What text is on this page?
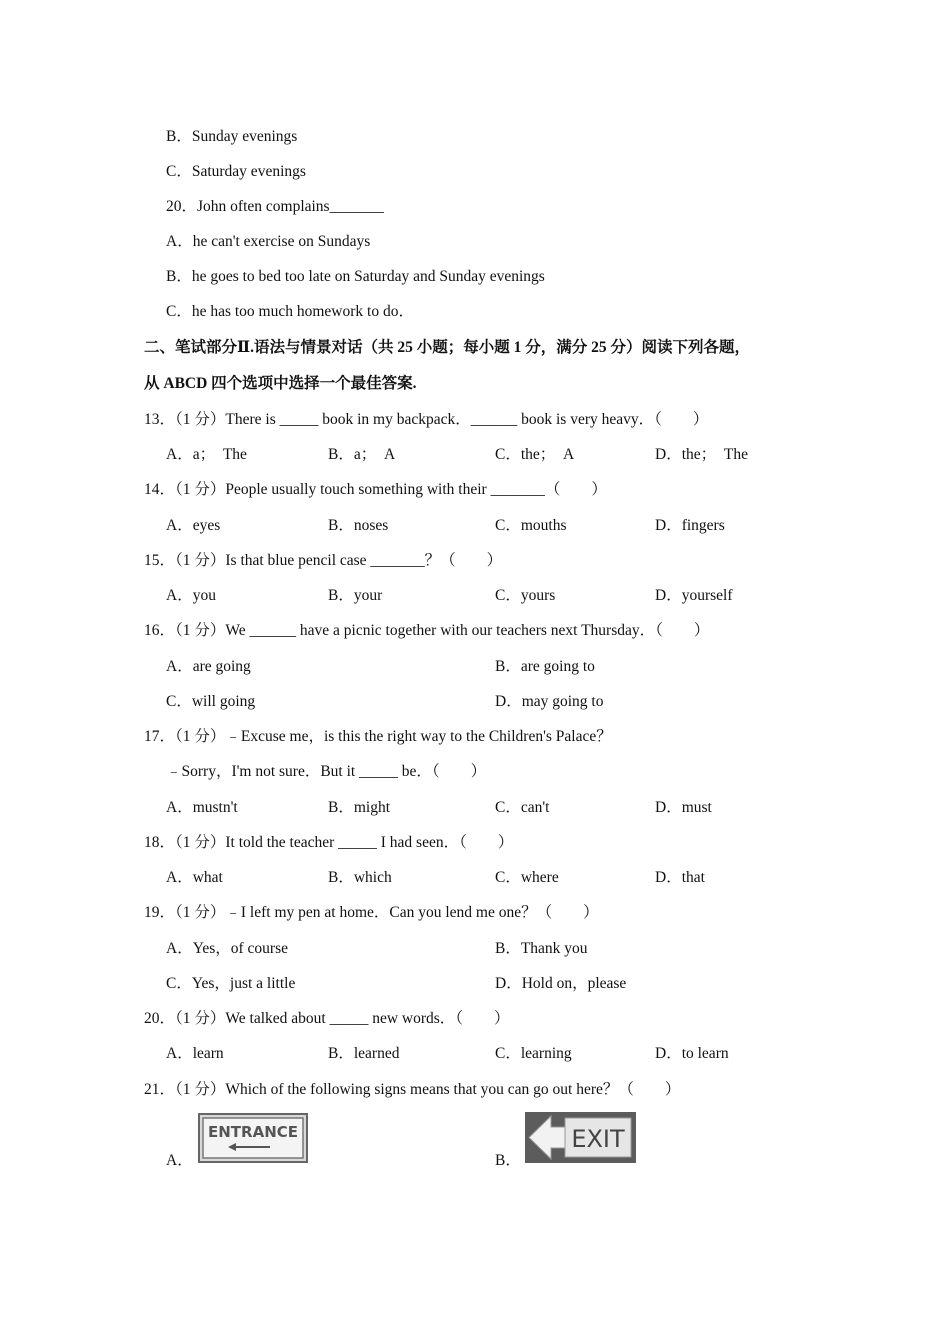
B．Sunday evenings
C．Saturday evenings
20．John often complains_______
A．he can't exercise on Sundays
B．he goes to bed too late on Saturday and Sunday evenings
C．he has too much homework to do．
二、笔试部分Ⅱ.语法与情景对话（共 25 小题；每小题 1 分，满分 25 分）阅读下列各题，
从 ABCD 四个选项中选择一个最佳答案.
13．（1 分）There is _____ book in my backpack．______ book is very heavy．（　　）
A．a；　The	B．a；　A	C．the；　A	D．the；　The
14．（1 分）People usually touch something with their _______（　　）
A．eyes	B．noses	C．mouths	D．fingers
15．（1 分）Is that blue pencil case _______？（　　）
A．you	B．your	C．yours	D．yourself
16．（1 分）We ______ have a picnic together with our teachers next Thursday．（　　）
A．are going	B．are going to
C．will going	D．may going to
17．（1 分）﹣Excuse me，is this the right way to the Children's Palace？
﹣Sorry，I'm not sure．But it _____ be．（　　）
A．mustn't	B．might	C．can't	D．must
18．（1 分）It told the teacher _____ I had seen．（　　）
A．what	B．which	C．where	D．that
19．（1 分）﹣I left my pen at home．Can you lend me one？（　　）
A．Yes，of course	B．Thank you
C．Yes，just a little	D．Hold on，please
20．（1 分）We talked about _____ new words．（　　）
A．learn	B．learned	C．learning	D．to learn
21．（1 分）Which of the following signs means that you can go out here？（　　）
A．	B．
ENTRANCE	EXIT
